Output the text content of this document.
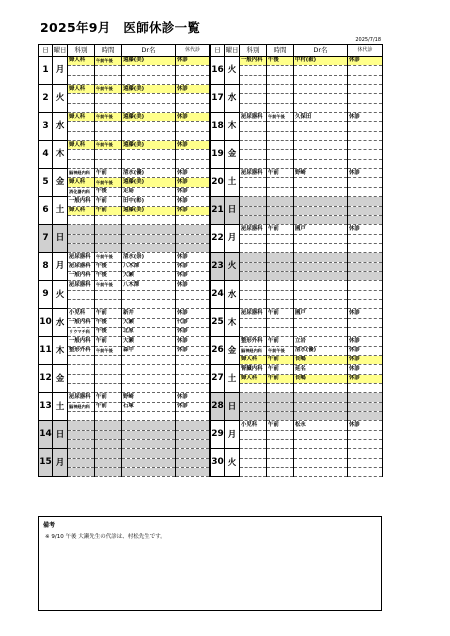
2025年9月　医師休診一覧
2025/7/18
日	曜日	科別	時間	Dr名	休代診
1	月	婦人科	午前午後	遠藤(美)	休診

2	火	婦人科	午前午後	遠藤(美)	休診

3	水	婦人科	午前午後	遠藤(美)	休診

4	木	婦人科	午前午後	遠藤(美)	休診

5	金	脳神経内科	午前	清水(優)	休診
		婦人科	午前午後	遠藤(美)	休診
		消化器内科	午後	走島	休診
6	土	一般内科	午前	田中(彰)	休診
		婦人科	午前	遠藤(美)	休診

7	日				

8	月	泌尿器科	午前午後	清水(崇)	休診
		泌尿器科	午後	八木澤	休診
		一般内科	午後	大瀬	休診
9	火	泌尿器科	午前午後	八木澤	休診

10	水	小児科	午前	新井	休診
		一般内科	午後	大瀬	代診
		リウマチ科	午後	北原	休診
11	木	一般内科	午前	大瀬	休診
		整形外科	午前午後	森中	休診

12	金				

13	土	泌尿器科	午前	野崎	休診
		脳神経内科	午前	石塚	休診

14	日				

15	月				

日	曜日	科別	時間	Dr名	休代診
16	火	一般内科	午後	中村(毅)	休診

17	水				

18	木	泌尿器科	午前午後	久保田	休診

19	金				

20	土	泌尿器科	午前	野崎	休診

21	日				

22	月	泌尿器科	午前	國戸	休診

23	火				

24	水				

25	木	泌尿器科	午前	國戸	休診

26	金	整形外科	午前	立岩	休診
		脳神経内科	午前午後	清水(優)	休診
		婦人科	午前	長嶋	休診
27	土	腎臓内科	午前	延名	休診
		婦人科	午前	長嶋	休診

28	日				

29	月	小児科	午前	松永	休診

30	火				

備考
※ 9/10 午後 大瀬先生の代診は、村松先生です。
